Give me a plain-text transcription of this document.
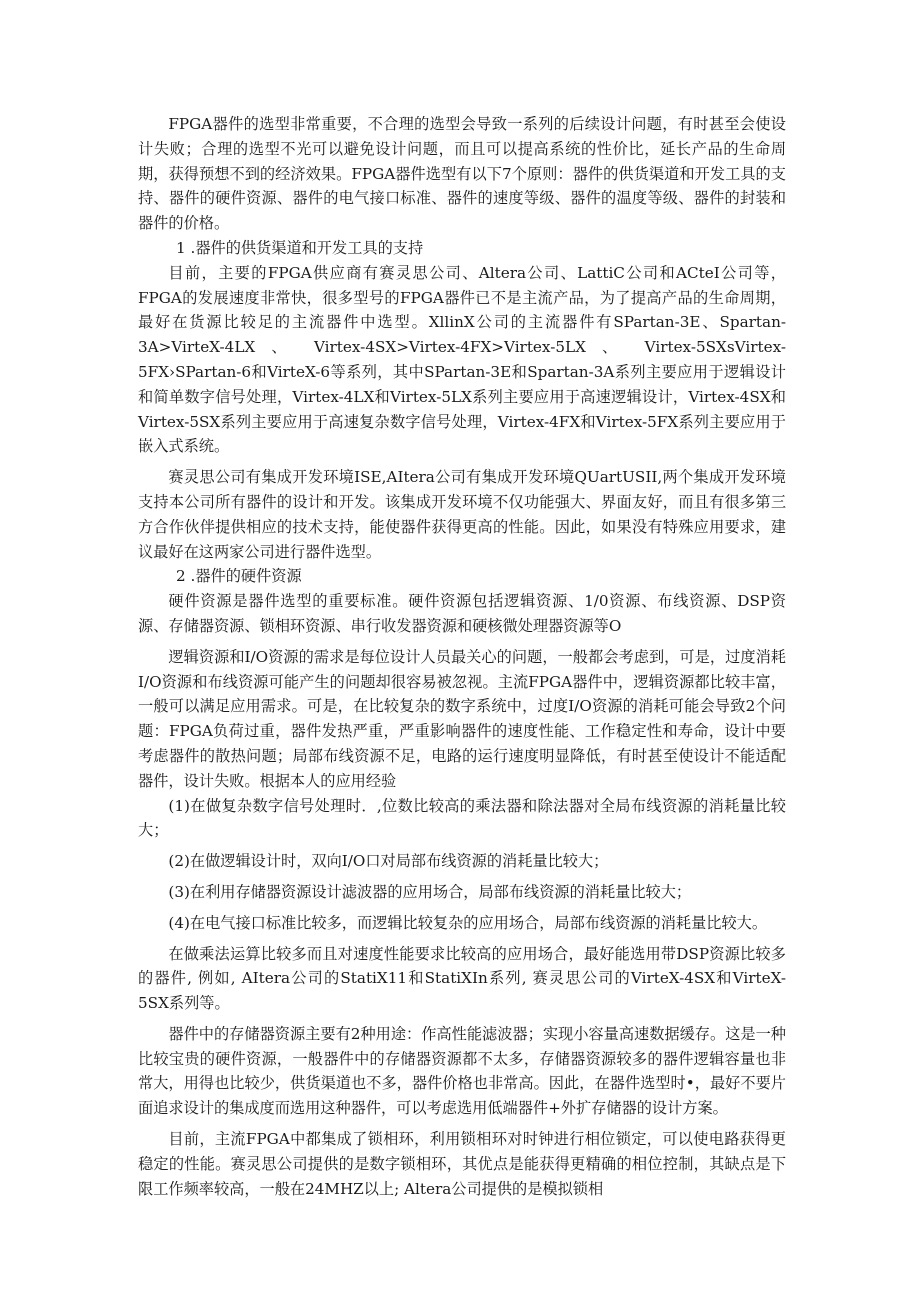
FPGA器件的选型非常重要，不合理的选型会导致一系列的后续设计问题，有时甚至会使设计失败；合理的选型不光可以避免设计问题，而且可以提高系统的性价比，延长产品的生命周期，获得预想不到的经济效果。FPGA器件选型有以下7个原则：器件的供货渠道和开发工具的支持、器件的硬件资源、器件的电气接口标准、器件的速度等级、器件的温度等级、器件的封装和器件的价格。

1 .器件的供货渠道和开发工具的支持

目前，主要的FPGA供应商有赛灵思公司、Altera公司、LattiC公司和ACteI公司等，FPGA的发展速度非常快，很多型号的FPGA器件已不是主流产品，为了提高产品的生命周期，最好在货源比较足的主流器件中选型。XllinX公司的主流器件有SPartan-3E、Spartan-3A>VirteX-4LX 、 Virtex-4SX>Virtex-4FX>Virtex-5LX 、 Virtex-5SXsVirtex-5FX›SPartan-6和VirteX-6等系列，其中SPartan-3E和Spartan-3A系列主要应用于逻辑设计和简单数字信号处理，Virtex-4LX和Virtex-5LX系列主要应用于高速逻辑设计，Virtex-4SX和Virtex-5SX系列主要应用于高速复杂数字信号处理，Virtex-4FX和Virtex-5FX系列主要应用于嵌入式系统。

赛灵思公司有集成开发环境ISE,AItera公司有集成开发环境QUartUSII,两个集成开发环境支持本公司所有器件的设计和开发。该集成开发环境不仅功能强大、界面友好，而且有很多第三方合作伙伴提供相应的技术支持，能使器件获得更高的性能。因此，如果没有特殊应用要求，建议最好在这两家公司进行器件选型。

2 .器件的硬件资源

硬件资源是器件选型的重要标准。硬件资源包括逻辑资源、1/0资源、布线资源、DSP资源、存储器资源、锁相环资源、串行收发器资源和硬核微处理器资源等O

逻辑资源和I/O资源的需求是每位设计人员最关心的问题，一般都会考虑到，可是，过度消耗I/O资源和布线资源可能产生的问题却很容易被忽视。主流FPGA器件中，逻辑资源都比较丰富，一般可以满足应用需求。可是，在比较复杂的数字系统中，过度I/O资源的消耗可能会导致2个问题：FPGA负荷过重，器件发热严重，严重影响器件的速度性能、工作稳定性和寿命，设计中要考虑器件的散热问题；局部布线资源不足，电路的运行速度明显降低，有时甚至使设计不能适配器件，设计失败。根据本人的应用经验

(1)在做复杂数字信号处理时．,位数比较高的乘法器和除法器对全局布线资源的消耗量比较大；

(2)在做逻辑设计时，双向I/O口对局部布线资源的消耗量比较大；

(3)在利用存储器资源设计滤波器的应用场合，局部布线资源的消耗量比较大；

(4)在电气接口标准比较多，而逻辑比较复杂的应用场合，局部布线资源的消耗量比较大。

在做乘法运算比较多而且对速度性能要求比较高的应用场合，最好能选用带DSP资源比较多的器件, 例如, AItera公司的StatiX11和StatiXIn系列, 赛灵思公司的VirteX-4SX和VirteX-5SX系列等。

器件中的存储器资源主要有2种用途：作高性能滤波器；实现小容量高速数据缓存。这是一种比较宝贵的硬件资源，一般器件中的存储器资源都不太多，存储器资源较多的器件逻辑容量也非常大，用得也比较少，供货渠道也不多，器件价格也非常高。因此，在器件选型时•，最好不要片面追求设计的集成度而选用这种器件，可以考虑选用低端器件+外扩存储器的设计方案。

目前，主流FPGA中都集成了锁相环，利用锁相环对时钟进行相位锁定，可以使电路获得更稳定的性能。赛灵思公司提供的是数字锁相环，其优点是能获得更精确的相位控制，其缺点是下限工作频率较高，一般在24MHZ以上; Altera公司提供的是模拟锁相
